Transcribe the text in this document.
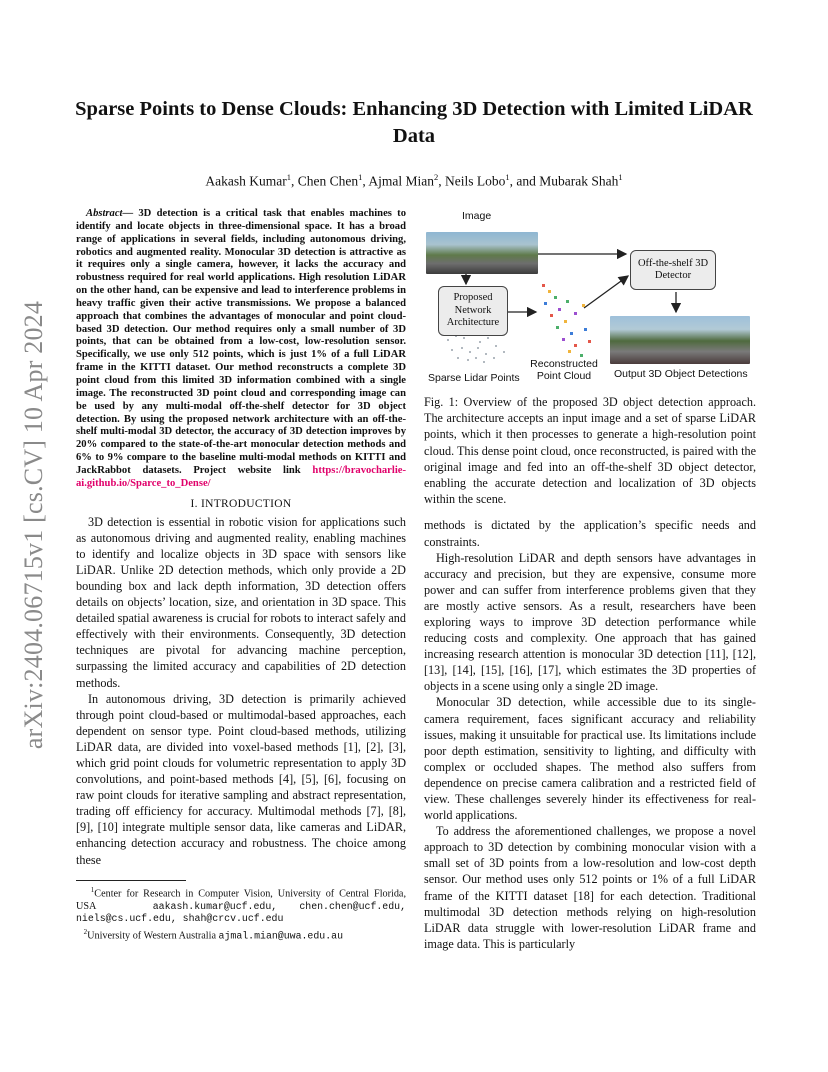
arXiv:2404.06715v1 [cs.CV] 10 Apr 2024
Sparse Points to Dense Clouds: Enhancing 3D Detection with Limited LiDAR Data
Aakash Kumar$^1$, Chen Chen$^1$, Ajmal Mian$^2$, Neils Lobo$^1$, and Mubarak Shah$^1$
Abstract— 3D detection is a critical task that enables machines to identify and locate objects in three-dimensional space. It has a broad range of applications in several fields, including autonomous driving, robotics and augmented reality. Monocular 3D detection is attractive as it requires only a single camera, however, it lacks the accuracy and robustness required for real world applications. High resolution LiDAR on the other hand, can be expensive and lead to interference problems in heavy traffic given their active transmissions. We propose a balanced approach that combines the advantages of monocular and point cloud-based 3D detection. Our method requires only a small number of 3D points, that can be obtained from a low-cost, low-resolution sensor. Specifically, we use only 512 points, which is just 1% of a full LiDAR frame in the KITTI dataset. Our method reconstructs a complete 3D point cloud from this limited 3D information combined with a single image. The reconstructed 3D point cloud and corresponding image can be used by any multi-modal off-the-shelf detector for 3D object detection. By using the proposed network architecture with an off-the-shelf multi-modal 3D detector, the accuracy of 3D detection improves by 20% compared to the state-of-the-art monocular detection methods and 6% to 9% compare to the baseline multi-modal methods on KITTI and JackRabbot datasets. Project website link https://bravocharlie-ai.github.io/Sparce_to_Dense/
I. INTRODUCTION

3D detection is essential in robotic vision for applications such as autonomous driving and augmented reality, enabling machines to identify and localize objects in 3D space with sensors like LiDAR. Unlike 2D detection methods, which only provide a 2D bounding box and lack depth information, 3D detection offers details on objects’ location, size, and orientation in 3D space. This detailed spatial awareness is crucial for robots to interact safely and effectively with their environments. Consequently, 3D detection techniques are pivotal for advancing machine perception, surpassing the limited accuracy and capabilities of 2D detection methods.

In autonomous driving, 3D detection is primarily achieved through point cloud-based or multimodal-based approaches, each dependent on sensor type. Point cloud-based methods, utilizing LiDAR data, are divided into voxel-based methods [1], [2], [3], which grid point clouds for volumetric representation to apply 3D convolutions, and point-based methods [4], [5], [6], focusing on raw point clouds for iterative sampling and abstract representation, trading off efficiency for accuracy. Multimodal methods [7], [8], [9], [10] integrate multiple sensor data, like cameras and LiDAR, enhancing detection accuracy and robustness. The choice among these

$^1$Center for Research in Computer Vision, University of Central Florida, USA	aakash.kumar@ucf.edu, chen.chen@ucf.edu, niels@cs.ucf.edu, shah@crcv.ucf.edu
$^2$University of Western Australia ajmal.mian@uwa.edu.au
Image
Proposed Network Architecture
Off-the-shelf 3D Detector
Sparse Lidar Points
Reconstructed Point Cloud	Output 3D Object Detections
Fig. 1: Overview of the proposed 3D object detection approach. The architecture accepts an input image and a set of sparse LiDAR points, which it then processes to generate a high-resolution point cloud. This dense point cloud, once reconstructed, is paired with the original image and fed into an off-the-shelf 3D object detector, enabling the accurate detection and localization of 3D objects within the scene.

methods is dictated by the application’s specific needs and constraints.

High-resolution LiDAR and depth sensors have advantages in accuracy and precision, but they are expensive, consume more power and can suffer from interference problems given that they are mostly active sensors. As a result, researchers have been exploring ways to improve 3D detection performance while reducing costs and complexity. One approach that has gained increasing research attention is monocular 3D detection [11], [12], [13], [14], [15], [16], [17], which estimates the 3D properties of objects in a scene using only a single 2D image.

Monocular 3D detection, while accessible due to its single-camera requirement, faces significant accuracy and reliability issues, making it unsuitable for practical use. Its limitations include poor depth estimation, sensitivity to lighting, and difficulty with complex or occluded shapes. The method also suffers from dependence on precise camera calibration and a restricted field of view. These challenges severely hinder its effectiveness for real-world applications.

To address the aforementioned challenges, we propose a novel approach to 3D detection by combining monocular vision with a small set of 3D points from a low-resolution and low-cost depth sensor. Our method uses only 512 points or 1% of a full LiDAR frame of the KITTI dataset [18] for each detection. Traditional multimodal 3D detection methods relying on high-resolution LiDAR data struggle with lower-resolution LiDAR frame and image data. This is particularly
